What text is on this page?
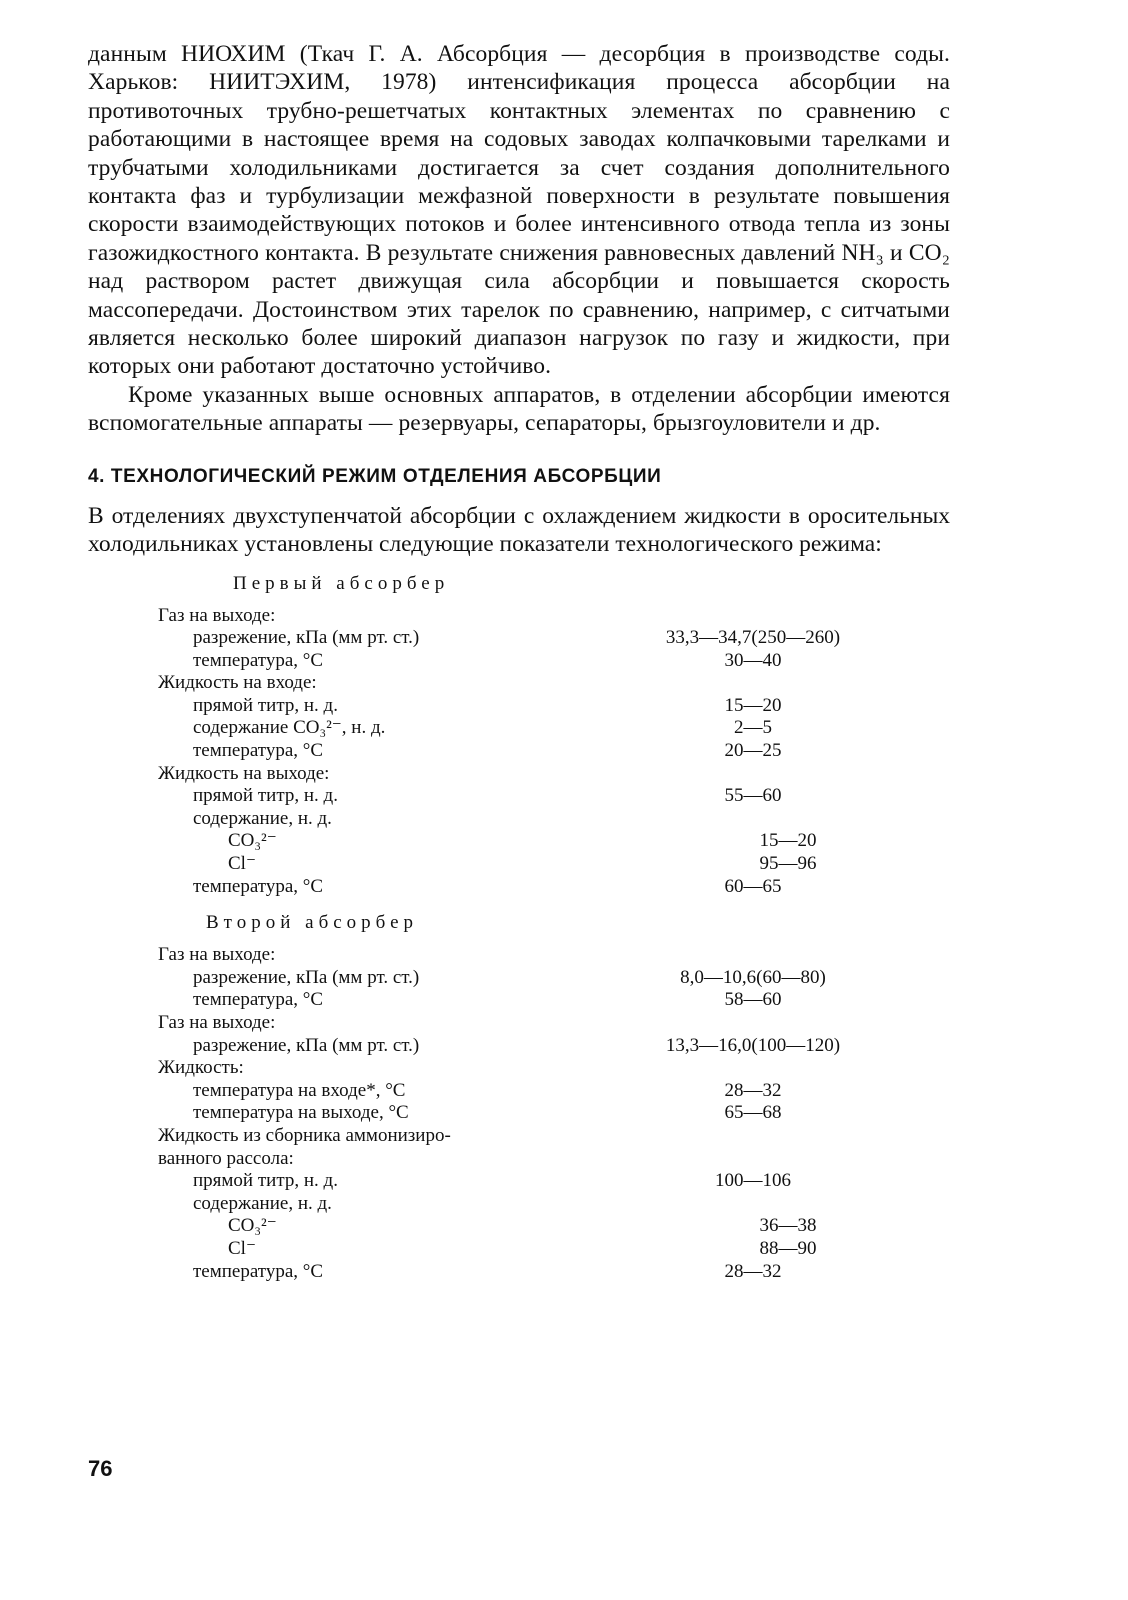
данным НИОХИМ (Ткач Г. А. Абсорбция — десорбция в производстве соды. Харьков: НИИТЭХИМ, 1978) интенсификация процесса абсорбции на противоточных трубно-решетчатых контактных элементах по сравнению с работающими в настоящее время на содовых заводах колпачковыми тарелками и трубчатыми холодильниками достигается за счет создания дополнительного контакта фаз и турбулизации межфазной поверхности в результате повышения скорости взаимодействующих потоков и более интенсивного отвода тепла из зоны газожидкостного контакта. В результате снижения равновесных давлений NH₃ и CO₂ над раствором растет движущая сила абсорбции и повышается скорость массопередачи. Достоинством этих тарелок по сравнению, например, с ситчатыми является несколько более широкий диапазон нагрузок по газу и жидкости, при которых они работают достаточно устойчиво.

Кроме указанных выше основных аппаратов, в отделении абсорбции имеются вспомогательные аппараты — резервуары, сепараторы, брызгоуловители и др.

4. ТЕХНОЛОГИЧЕСКИЙ РЕЖИМ ОТДЕЛЕНИЯ АБСОРБЦИИ

В отделениях двухступенчатой абсорбции с охлаждением жидкости в оросительных холодильниках установлены следующие показатели технологического режима:

Первый абсорбер
Газ на выходе:
разрежение, кПа (мм рт. ст.)	33,3—34,7(250—260)
температура, °С	30—40
Жидкость на входе:
прямой титр, н. д.	15—20
содержание CO₃²⁻, н. д.	2—5
температура, °С	20—25
Жидкость на выходе:
прямой титр, н. д.	55—60
содержание, н. д.
CO₃²⁻	15—20
Cl⁻	95—96
температура, °С	60—65
Второй абсорбер
Газ на выходе:
разрежение, кПа (мм рт. ст.)	8,0—10,6(60—80)
температура, °С	58—60
Газ на выходе:
разрежение, кПа (мм рт. ст.)	13,3—16,0(100—120)
Жидкость:
температура на входе*, °С	28—32
температура на выходе, °С	65—68
Жидкость из сборника аммонизиро-
ванного рассола:
прямой титр, н. д.	100—106
содержание, н. д.
CO₃²⁻	36—38
Cl⁻	88—90
температура, °С	28—32
76
